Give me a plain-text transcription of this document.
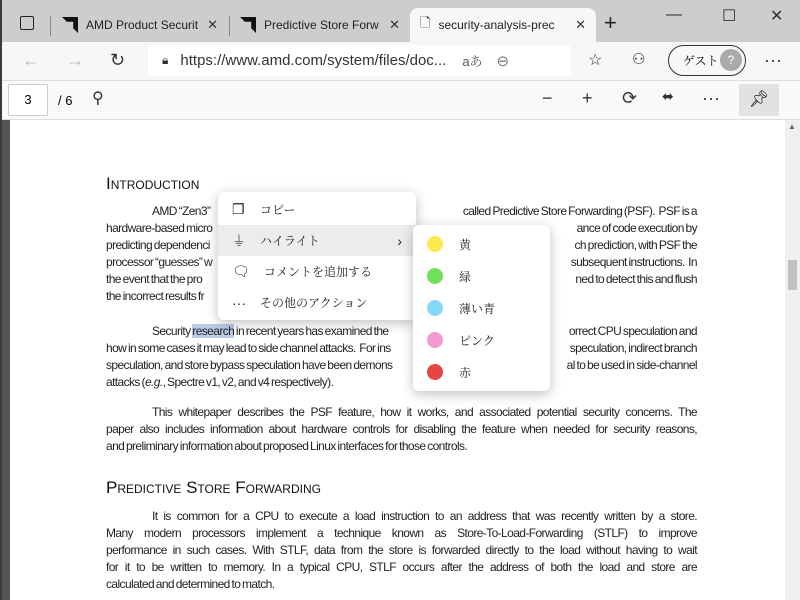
AMD Product Securit ✕	Predictive Store Forw ✕ 🗋 security-analysis-prec ✕ +	—	☐ ✕
← → ↻	🔒︎ https://www.amd.com/system/files/doc... aあ ⊖	☆ ⚇	ゲスト ?	···
3	/ 6 ⚲	− + ⟳ ⬌ ···	📌︎
Introduction
AMD “Zen3”	called Predictive Store Forwarding (PSF).  PSF is a
hardware-based micro	ance of code execution by
predicting dependenci	ch prediction, with PSF the
processor “guesses” w	subsequent instructions.  In
the event that the pro	ned to detect this and flush
the incorrect results fr
Security research in recent years has examined the	orrect CPU speculation and
how in some cases it may lead to side channel attacks.  For ins	speculation, indirect branch
speculation, and store bypass speculation have been demons	al to be used in side-channel
attacks (e.g., Spectre v1, v2, and v4 respectively).
This whitepaper describes the PSF feature, how it works, and associated potential security concerns. The
paper also includes information about hardware controls for disabling the feature when needed for security reasons,
and preliminary information about proposed Linux interfaces for those controls.
Predictive Store Forwarding
It is common for a CPU to execute a load instruction to an address that was recently written by a store.
Many modern processors implement a technique known as Store-To-Load-Forwarding (STLF) to improve
performance in such cases. With STLF, data from the store is forwarded directly to the load without having to wait
for it to be written to memory. In a typical CPU, STLF occurs after the address of both the load and store are
calculated and determined to match.
▲
❐	コピー
⏚	ハイライト	›
🗨︎	コメントを追加する
···	その他のアクション
黄
緑
薄い青
ピンク
赤
